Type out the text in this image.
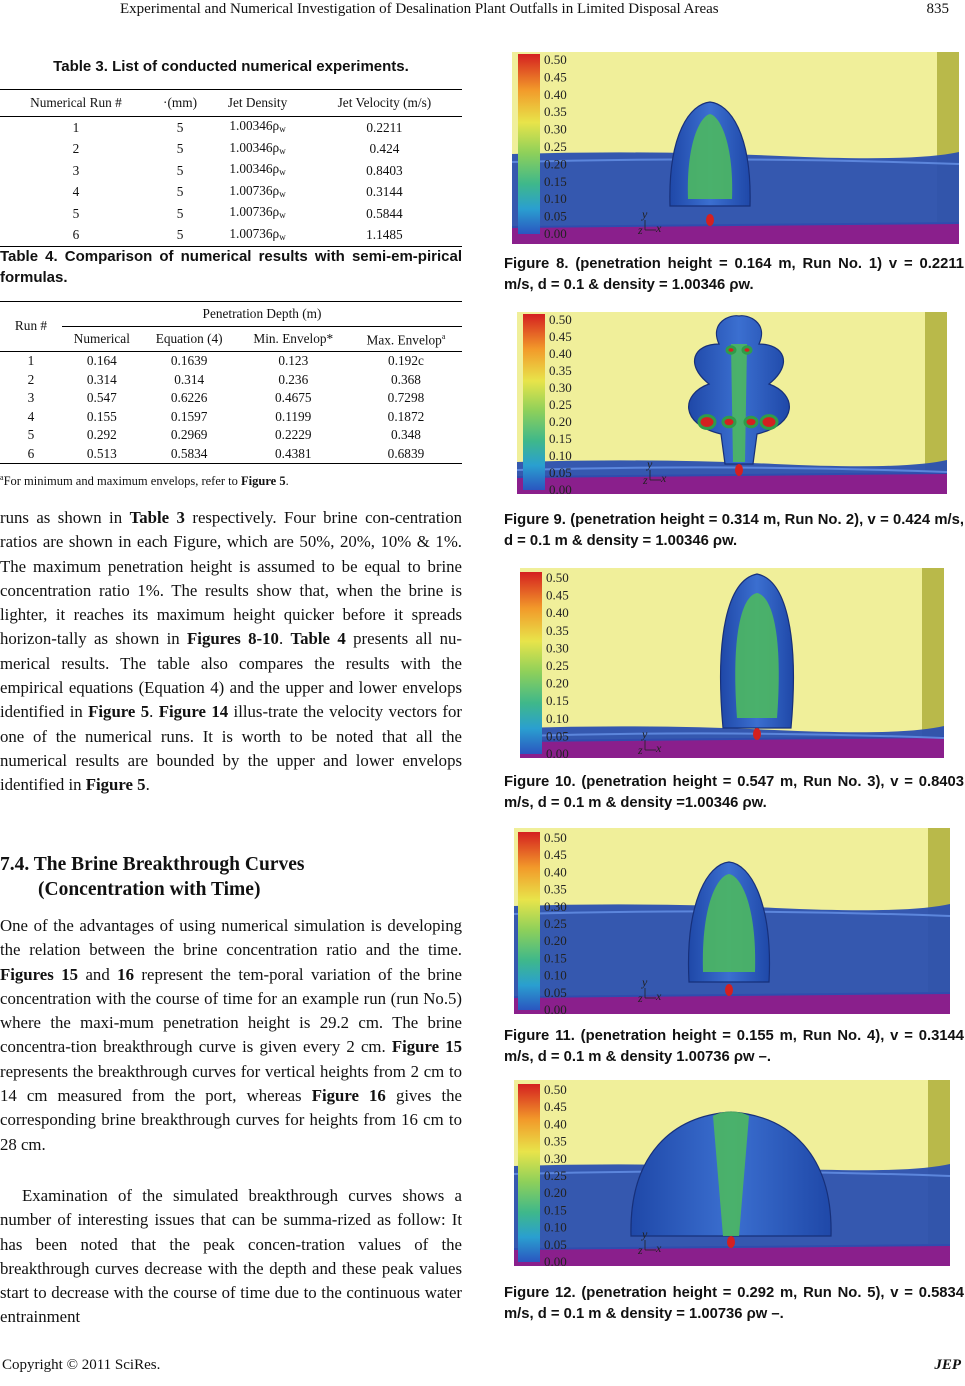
Experimental and Numerical Investigation of Desalination Plant Outfalls in Limited Disposal Areas	835
Table 3. List of conducted numerical experiments.
Numerical Run #	·(mm)	Jet Density	Jet Velocity (m/s)
1	5	$1.00346\rho_w$	0.2211
2	5	$1.00346\rho_w$	0.424
3	5	$1.00346\rho_w$	0.8403
4	5	$1.00736\rho_w$	0.3144
5	5	$1.00736\rho_w$	0.5844
6	5	$1.00736\rho_w$	1.1485
Table 4. Comparison of numerical results with semi-em-pirical formulas.
Run #	Penetration Depth (m)			
	Numerical	Equation (4)	Min. Envelop*	Max. Envelop$^a$
1	0.164	0.1639	0.123	0.192c
2	0.314	0.314	0.236	0.368
3	0.547	0.6226	0.4675	0.7298
4	0.155	0.1597	0.1199	0.1872
5	0.292	0.2969	0.2229	0.348
6	0.513	0.5834	0.4381	0.6839
$^a$For minimum and maximum envelops, refer to Figure 5.
runs as shown in Table 3 respectively. Four brine con-centration ratios are shown in each Figure, which are 50%, 20%, 10% & 1%. The maximum penetration height is assumed to be equal to brine concentration ratio 1%. The results show that, when the brine is lighter, it reaches its maximum height quicker before it spreads horizon-tally as shown in Figures 8-10. Table 4 presents all nu-merical results. The table also compares the results with the empirical equations (Equation 4) and the upper and lower envelops identified in Figure 5. Figure 14 illus-trate the velocity vectors for one of the numerical runs. It is worth to be noted that all the numerical results are bounded by the upper and lower envelops identified in Figure 5.
7.4. The Brine Breakthrough Curves
(Concentration with Time)
One of the advantages of using numerical simulation is developing the relation between the brine concentration ratio and the time. Figures 15 and 16 represent the tem-poral variation of the brine concentration with the course of time for an example run (run No.5) where the maxi-mum penetration height is 29.2 cm. The brine concentra-tion breakthrough curve is given every 2 cm. Figure 15 represents the breakthrough curves for vertical heights from 2 cm to 14 cm measured from the port, whereas Figure 16 gives the corresponding brine breakthrough curves for heights from 16 cm to 28 cm.
Examination of the simulated breakthrough curves shows a number of interesting issues that can be summa-rized as follow: It has been noted that the peak concen-tration values of the breakthrough curves decrease with the depth and these peak values start to decrease with the course of time due to the continuous water entrainment
0.50
0.45
0.40
0.35
0.30
0.25
0.20
0.15
0.10
0.05
0.00
y
z x
Figure 8. (penetration height = 0.164 m, Run No. 1) v = 0.2211 m/s, d = 0.1 & density = 1.00346 ρw.
0.50
0.45
0.40
0.35
0.30
0.25
0.20
0.15
0.10
0.05
0.00
y
z x
Figure 9. (penetration height = 0.314 m, Run No. 2), v = 0.424 m/s, d = 0.1 m & density = 1.00346 ρw.
0.50
0.45
0.40
0.35
0.30
0.25
0.20
0.15
0.10
0.05
0.00
y
z x
Figure 10. (penetration height = 0.547 m, Run No. 3), v = 0.8403 m/s, d = 0.1 m & density =1.00346 ρw.
0.50
0.45
0.40
0.35
0.30
0.25
0.20
0.15
0.10
0.05
0.00
y
z x
Figure 11. (penetration height = 0.155 m, Run No. 4), v = 0.3144 m/s, d = 0.1 m & density 1.00736 ρw –.
0.50
0.45
0.40
0.35
0.30
0.25
0.20
0.15
0.10
0.05
0.00
y
z x
Figure 12. (penetration height = 0.292 m, Run No. 5), v = 0.5834 m/s, d = 0.1 m & density = 1.00736 ρw –.
Copyright © 2011 SciRes.	JEP
